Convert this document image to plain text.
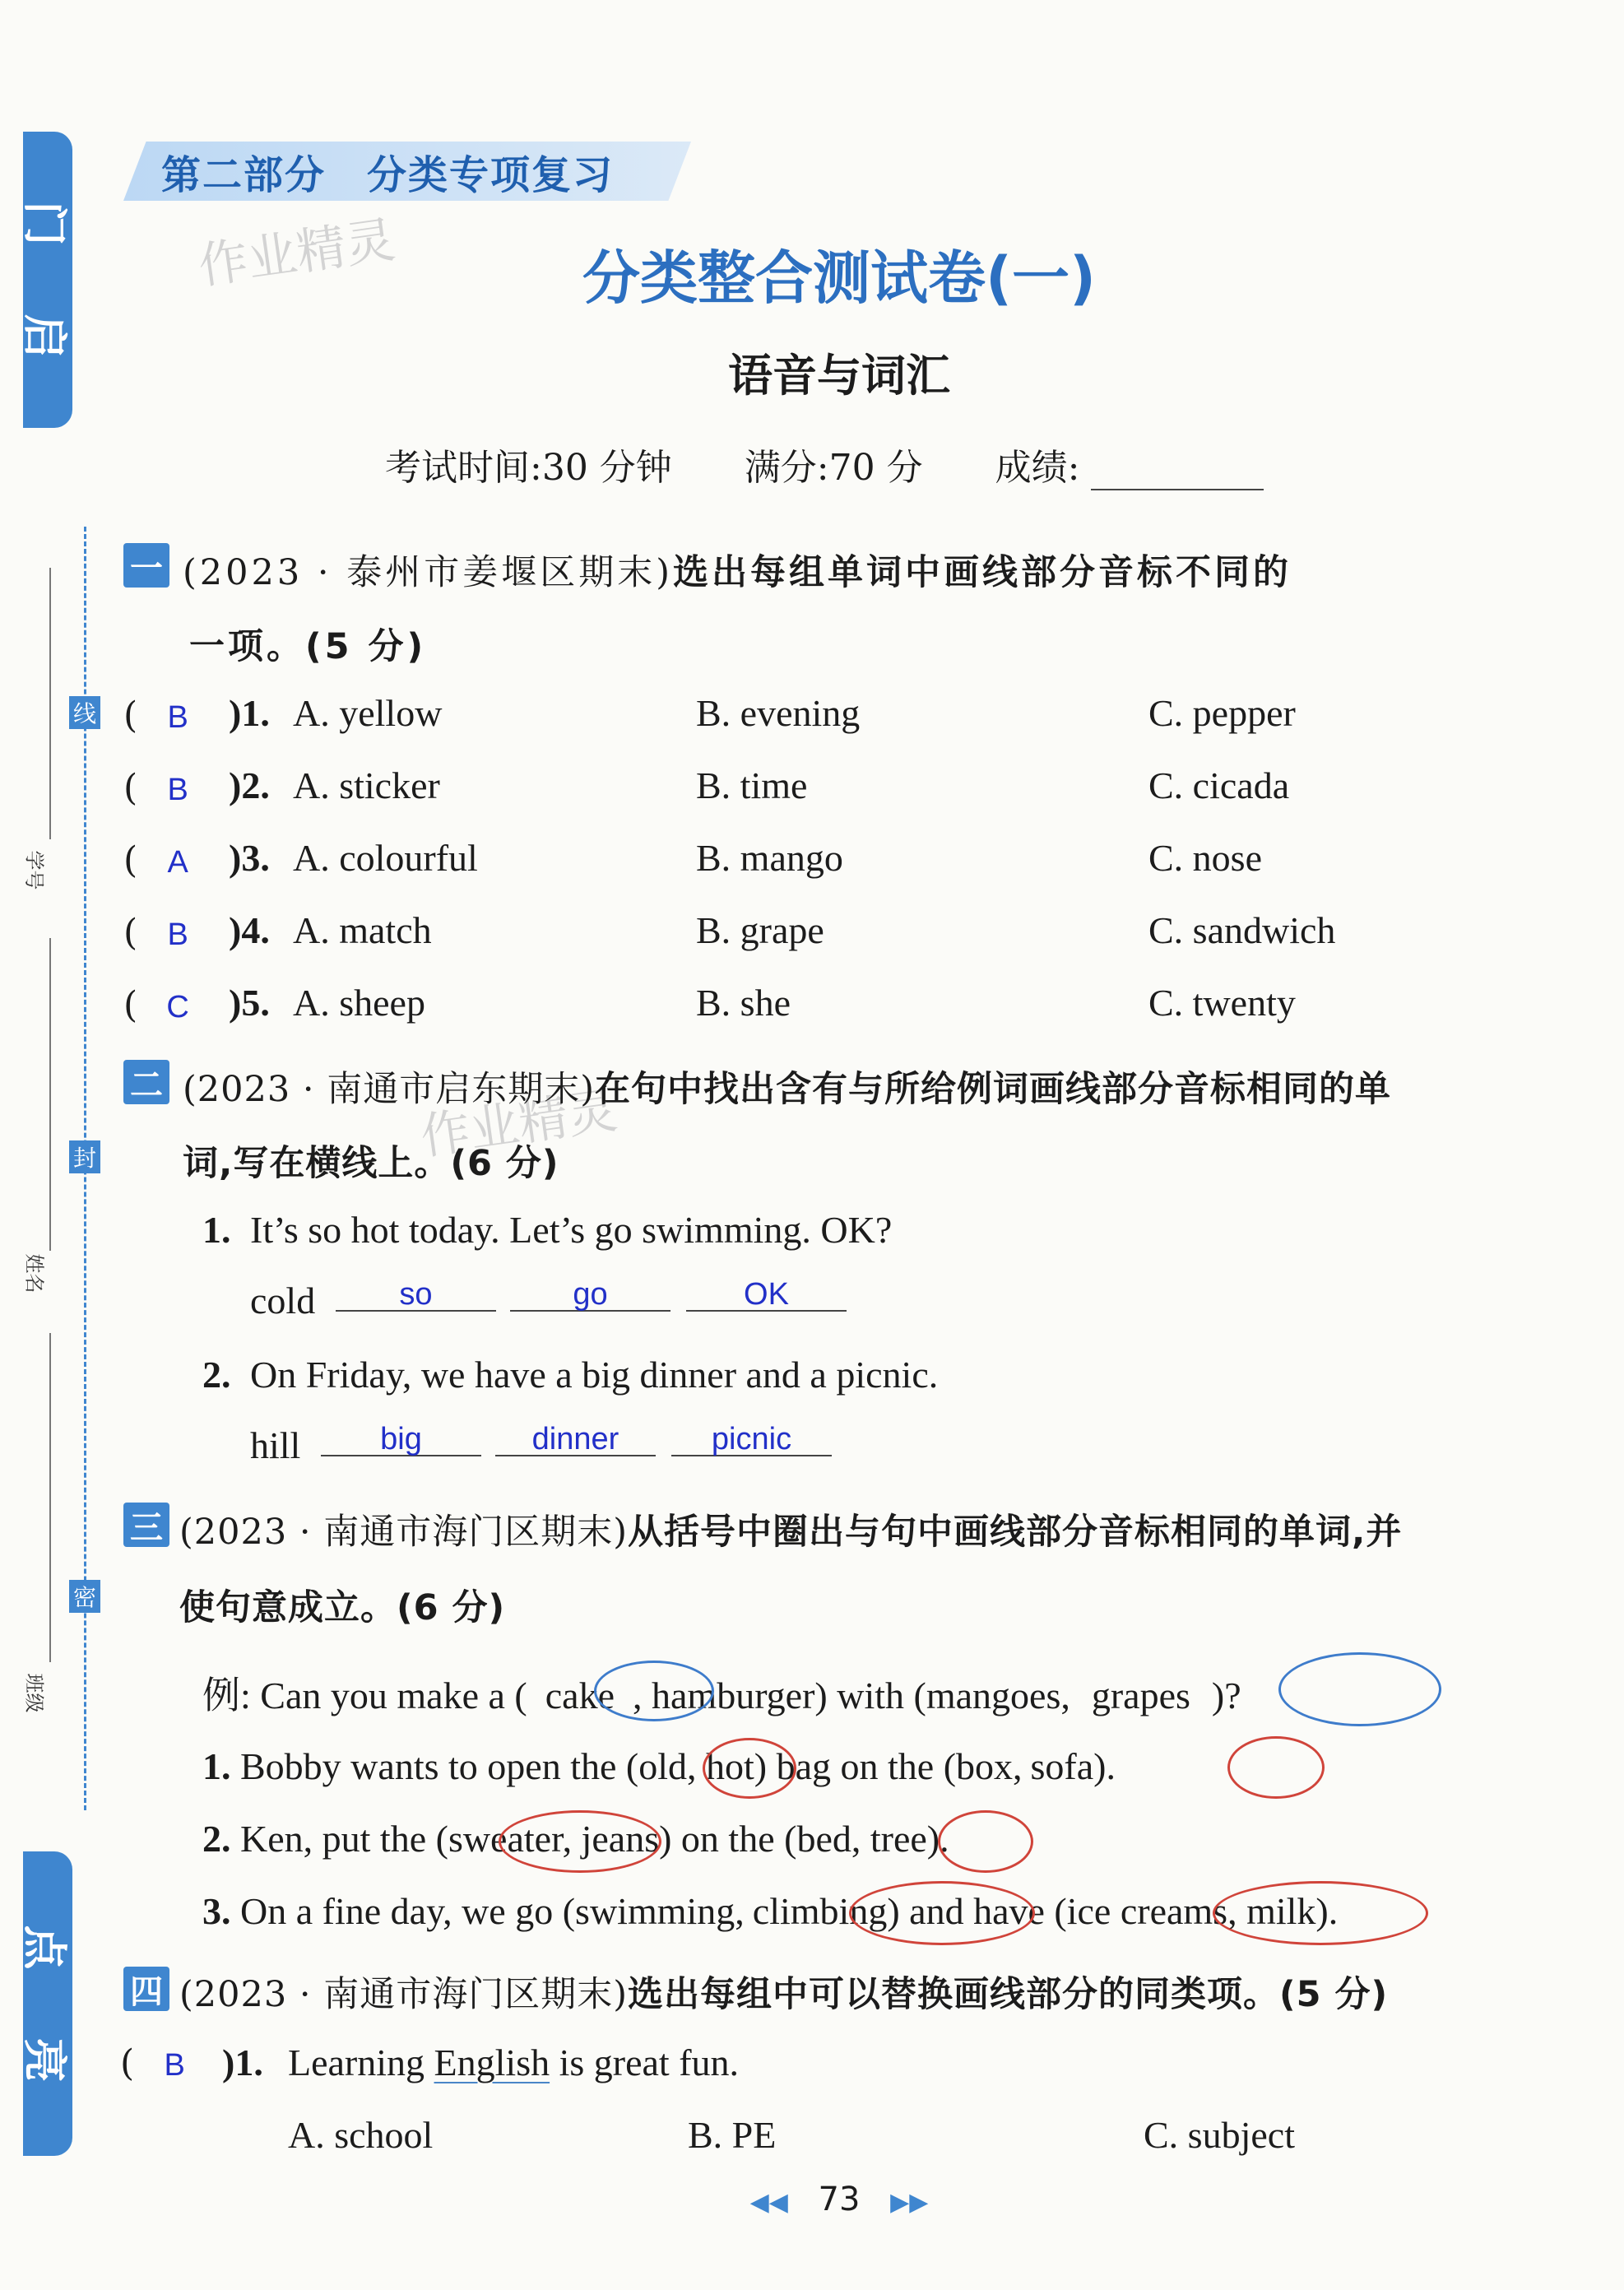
门
启
点
亮
学号
姓名
班级
线
封
密
第二部分　分类专项复习
作业精灵
作业精灵
分类整合测试卷(一)
语音与词汇
考试时间:30 分钟 满分:70 分 成绩:
一 (2023 · 泰州市姜堰区期末)选出每组单词中画线部分音标不同的
一项。(5 分)
( B	)1. A. yellow	B. evening	C. pepper
( B	)2. A. sticker	B. time	C. cicada
( A	)3. A. colourful	B. mango	C. nose
( B	)4. A. match	B. grape	C. sandwich
( C	)5. A. sheep	B. she	C. twenty
二 (2023 · 南通市启东期末)在句中找出含有与所给例词画线部分音标相同的单
词,写在横线上。(6 分)
1. It’s so hot today. Let’s go swimming. OK?
cold	so	go	OK
2. On Friday, we have a big dinner and a picnic.
hill	big	dinner	picnic
三 (2023 · 南通市海门区期末)从括号中圈出与句中画线部分音标相同的单词,并
使句意成立。(6 分)
例: Can you make a ( cake , hamburger) with (mangoes, grapes )?
1. Bobby wants to open the (old, hot) bag on the (box, sofa).
2. Ken, put the (sweater, jeans) on the (bed, tree).
3. On a fine day, we go (swimming, climbing) and have (ice creams, milk).
四 (2023 · 南通市海门区期末)选出每组中可以替换画线部分的同类项。(5 分)
( B )1. Learning English is great fun.
A. school	B. PE	C. subject
◀◀ 73 ▶▶
